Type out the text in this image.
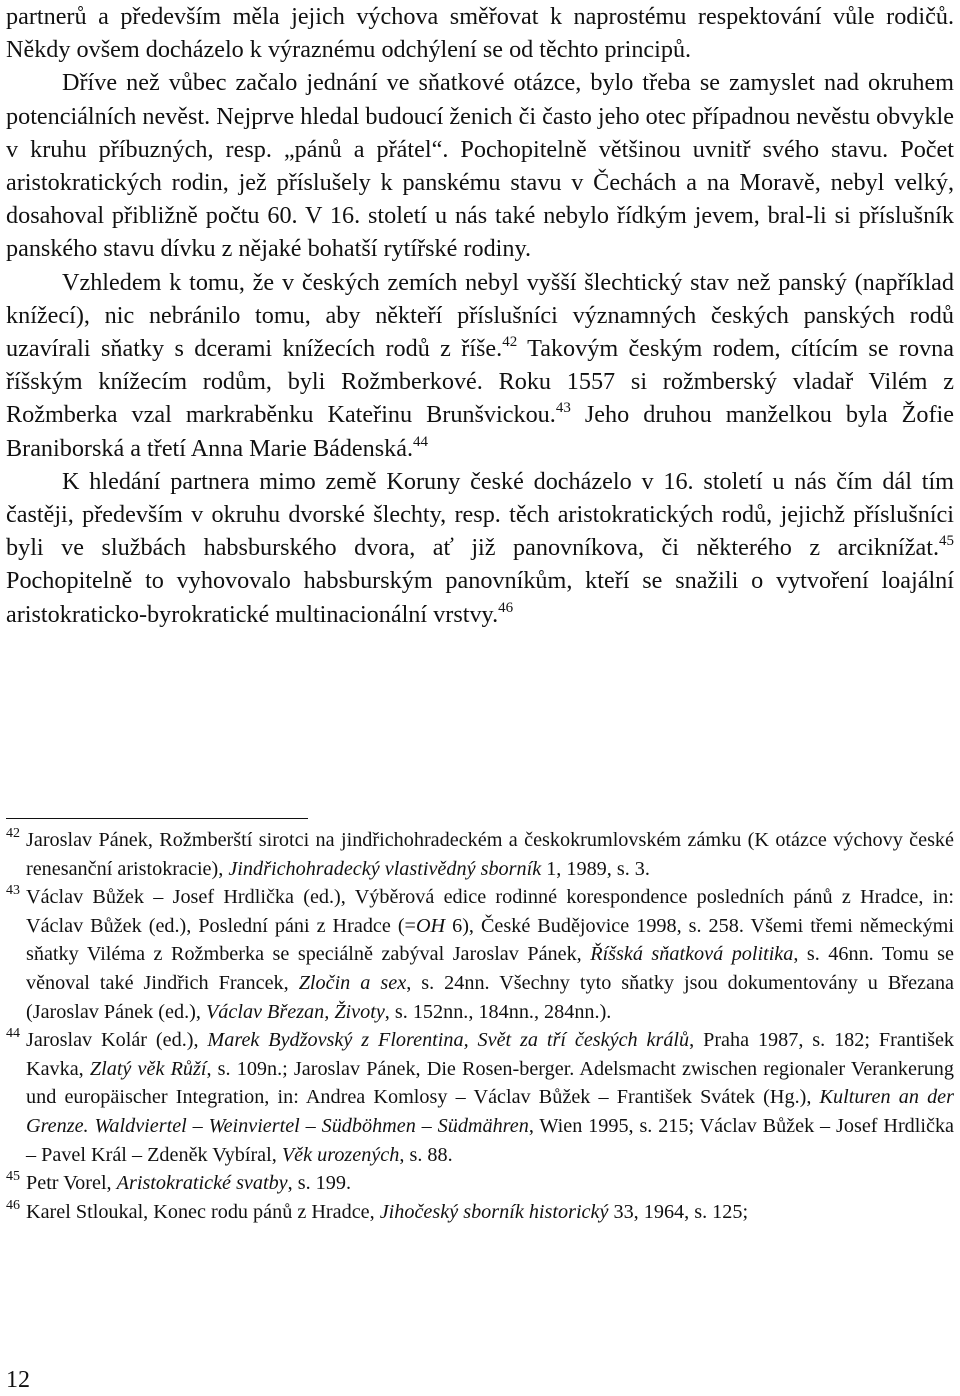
partnerů a především měla jejich výchova směřovat k naprostému respektování vůle rodičů. Někdy ovšem docházelo k výraznému odchýlení se od těchto principů.

Dříve než vůbec začalo jednání ve sňatkové otázce, bylo třeba se zamyslet nad okruhem potenciálních nevěst. Nejprve hledal budoucí ženich či často jeho otec případnou nevěstu obvykle v kruhu příbuzných, resp. „pánů a přátel“. Pochopitelně většinou uvnitř svého stavu. Počet aristokratických rodin, jež příslušely k panskému stavu v Čechách a na Moravě, nebyl velký, dosahoval přibližně počtu 60. V 16. století u nás také nebylo řídkým jevem, bral-li si příslušník panského stavu dívku z nějaké bohatší rytířské rodiny.

Vzhledem k tomu, že v českých zemích nebyl vyšší šlechtický stav než panský (například knížecí), nic nebránilo tomu, aby někteří příslušníci významných českých panských rodů uzavírali sňatky s dcerami knížecích rodů z říše.$^{42}$ Takovým českým rodem, cítícím se rovna říšským knížecím rodům, byli Rožmberkové. Roku 1557 si rožmberský vladař Vilém z Rožmberka vzal markraběnku Kateřinu Brunšvickou.$^{43}$ Jeho druhou manželkou byla Žofie Braniborská a třetí Anna Marie Bádenská.$^{44}$

K hledání partnera mimo země Koruny české docházelo v 16. století u nás čím dál tím častěji, především v okruhu dvorské šlechty, resp. těch aristokratických rodů, jejichž příslušníci byli ve službách habsburského dvora, ať již panovníkova, či některého z arciknížat.$^{45}$ Pochopitelně to vyhovovalo habsburským panovníkům, kteří se snažili o vytvoření loajální aristokraticko-byrokratické multinacionální vrstvy.$^{46}$

42 Jaroslav Pánek, Rožmberští sirotci na jindřichohradeckém a českokrumlovském zámku (K otázce výchovy české renesanční aristokracie), Jindřichohradecký vlastivědný sborník 1, 1989, s. 3.

43 Václav Bůžek – Josef Hrdlička (ed.), Výběrová edice rodinné korespondence posledních pánů z Hradce, in: Václav Bůžek (ed.), Poslední páni z Hradce (=OH 6), České Budějovice 1998, s. 258. Všemi třemi německými sňatky Viléma z Rožmberka se speciálně zabýval Jaroslav Pánek, Říšská sňatková politika, s. 46nn. Tomu se věnoval také Jindřich Francek, Zločin a sex, s. 24nn. Všechny tyto sňatky jsou dokumentovány u Březana (Jaroslav Pánek (ed.), Václav Březan, Životy, s. 152nn., 184nn., 284nn.).

44 Jaroslav Kolár (ed.), Marek Bydžovský z Florentina, Svět za tří českých králů, Praha 1987, s. 182; František Kavka, Zlatý věk Růží, s. 109n.; Jaroslav Pánek, Die Rosen-berger. Adelsmacht zwischen regionaler Verankerung und europäischer Integration, in: Andrea Komlosy – Václav Bůžek – František Svátek (Hg.), Kulturen an der Grenze. Waldviertel – Weinviertel – Südböhmen – Südmähren, Wien 1995, s. 215; Václav Bůžek – Josef Hrdlička – Pavel Král – Zdeněk Vybíral, Věk urozených, s. 88.

45 Petr Vorel, Aristokratické svatby, s. 199.

46 Karel Stloukal, Konec rodu pánů z Hradce, Jihočeský sborník historický 33, 1964, s. 125;

12
